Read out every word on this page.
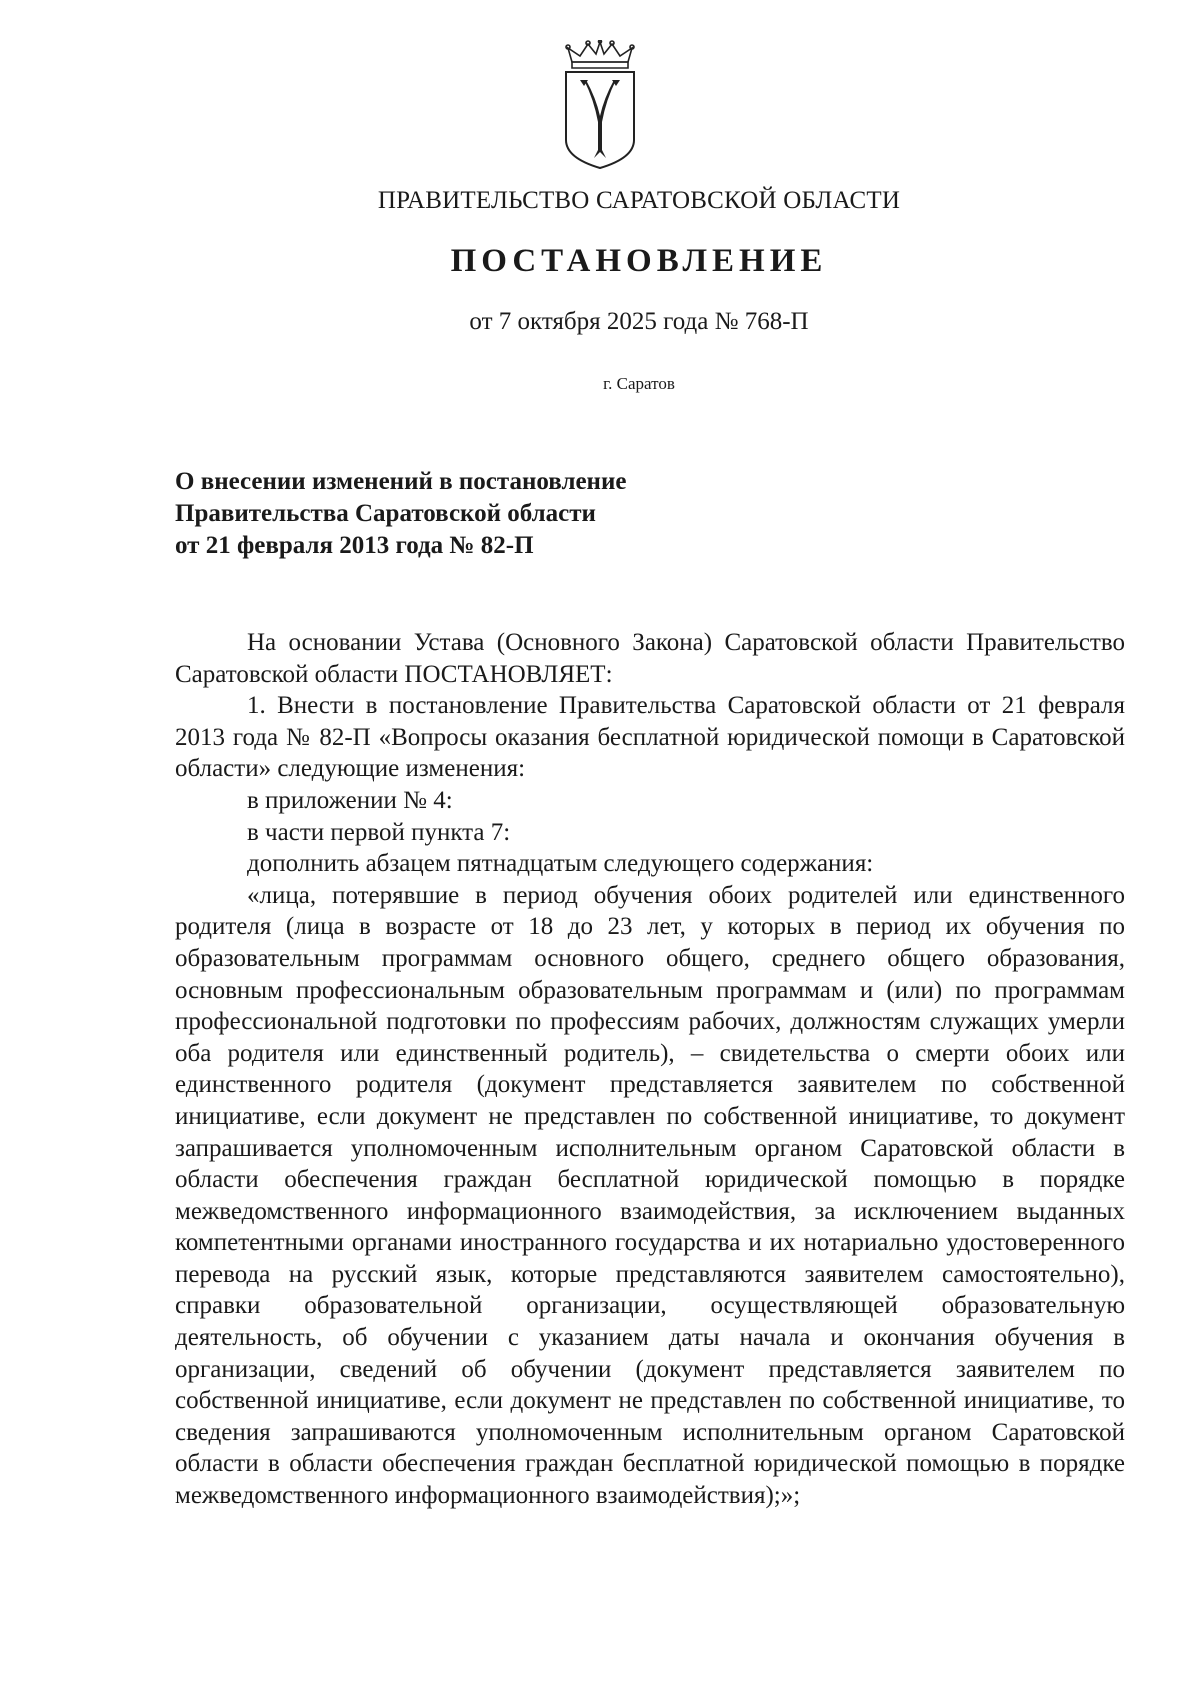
ПРАВИТЕЛЬСТВО САРАТОВСКОЙ ОБЛАСТИ
ПОСТАНОВЛЕНИЕ
от 7 октября 2025 года № 768-П
г. Саратов
О внесении изменений в постановление
Правительства Саратовской области
от 21 февраля 2013 года № 82-П

На основании Устава (Основного Закона) Саратовской области Правительство Саратовской области ПОСТАНОВЛЯЕТ:

1. Внести в постановление Правительства Саратовской области от 21 февраля 2013 года № 82-П «Вопросы оказания бесплатной юридической помощи в Саратовской области» следующие изменения:

в приложении № 4:

в части первой пункта 7:

дополнить абзацем пятнадцатым следующего содержания:

«лица, потерявшие в период обучения обоих родителей или единственного родителя (лица в возрасте от 18 до 23 лет, у которых в период их обучения по образовательным программам основного общего, среднего общего образования, основным профессиональным образовательным программам и (или) по программам профессиональной подготовки по профессиям рабочих, должностям служащих умерли оба родителя или единственный родитель), – свидетельства о смерти обоих или единственного родителя (документ представляется заявителем по собственной инициативе, если документ не представлен по собственной инициативе, то документ запрашивается уполномоченным исполнительным органом Саратовской области в области обеспечения граждан бесплатной юридической помощью в порядке межведомственного информационного взаимодействия, за исключением выданных компетентными органами иностранного государства и их нотариально удостоверенного перевода на русский язык, которые представляются заявителем самостоятельно), справки образовательной организации, осуществляющей образовательную деятельность, об обучении с указанием даты начала и окончания обучения в организации, сведений об обучении (документ представляется заявителем по собственной инициативе, если документ не представлен по собственной инициативе, то сведения запрашиваются уполномоченным исполнительным органом Саратовской области в области обеспечения граждан бесплатной юридической помощью в порядке межведомственного информационного взаимодействия);»;
